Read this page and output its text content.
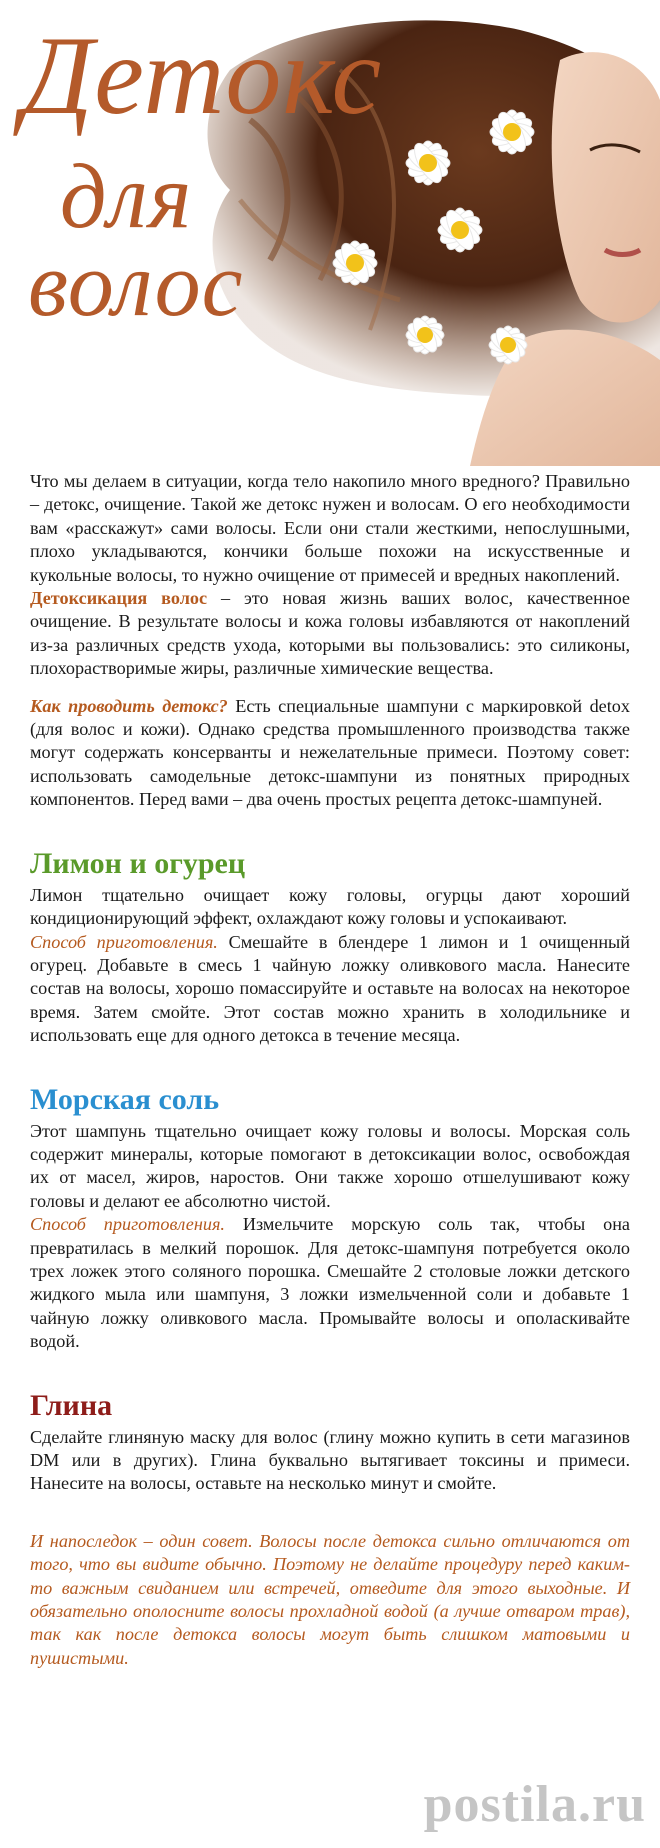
Детокс
для
волос

Что мы делаем в ситуации, когда тело накопило много вредного? Правильно – детокс, очищение. Такой же детокс нужен и волосам. О его необходимости вам «расскажут» сами волосы. Если они стали жесткими, непослушными, плохо укладываются, кончики больше похожи на искусственные и кукольные волосы, то нужно очищение от примесей и вредных накоплений.

Детоксикация волос – это новая жизнь ваших волос, качественное очищение. В результате волосы и кожа головы избавляются от накоплений из-за различных средств ухода, которыми вы пользовались: это силиконы, плохорастворимые жиры, различные химические вещества.

Как проводить детокс? Есть специальные шампуни с маркировкой detox (для волос и кожи). Однако средства промышленного производства также могут содержать консерванты и нежелательные примеси. Поэтому совет: использовать самодельные детокс-шампуни из понятных природных компонентов. Перед вами – два очень простых рецепта детокс-шампуней.

Лимон и огурец

Лимон тщательно очищает кожу головы, огурцы дают хороший кондиционирующий эффект, охлаждают кожу головы и успокаивают.

Способ приготовления. Смешайте в блендере 1 лимон и 1 очищенный огурец. Добавьте в смесь 1 чайную ложку оливкового масла. Нанесите состав на волосы, хорошо помассируйте и оставьте на волосах на некоторое время. Затем смойте. Этот состав можно хранить в холодильнике и использовать еще для одного детокса в течение месяца.

Морская соль

Этот шампунь тщательно очищает кожу головы и волосы. Морская соль содержит минералы, которые помогают в детоксикации волос, освобождая их от масел, жиров, наростов. Они также хорошо отшелушивают кожу головы и делают ее абсолютно чистой.

Способ приготовления. Измельчите морскую соль так, чтобы она превратилась в мелкий порошок. Для детокс-шампуня потребуется около трех ложек этого соляного порошка. Смешайте 2 столовые ложки детского жидкого мыла или шампуня, 3 ложки измельченной соли и добавьте 1 чайную ложку оливкового масла. Промывайте волосы и ополаскивайте водой.

Глина

Сделайте глиняную маску для волос (глину можно купить в сети магазинов DM или в других). Глина буквально вытягивает токсины и примеси. Нанесите на волосы, оставьте на несколько минут и смойте.

И напоследок – один совет. Волосы после детокса сильно отличаются от того, что вы видите обычно. Поэтому не делайте процедуру перед каким-то важным свиданием или встречей, отведите для этого выходные. И обязательно ополосните волосы прохладной водой (а лучше отваром трав), так как после детокса волосы могут быть слишком матовыми и пушистыми.

postila.ru
